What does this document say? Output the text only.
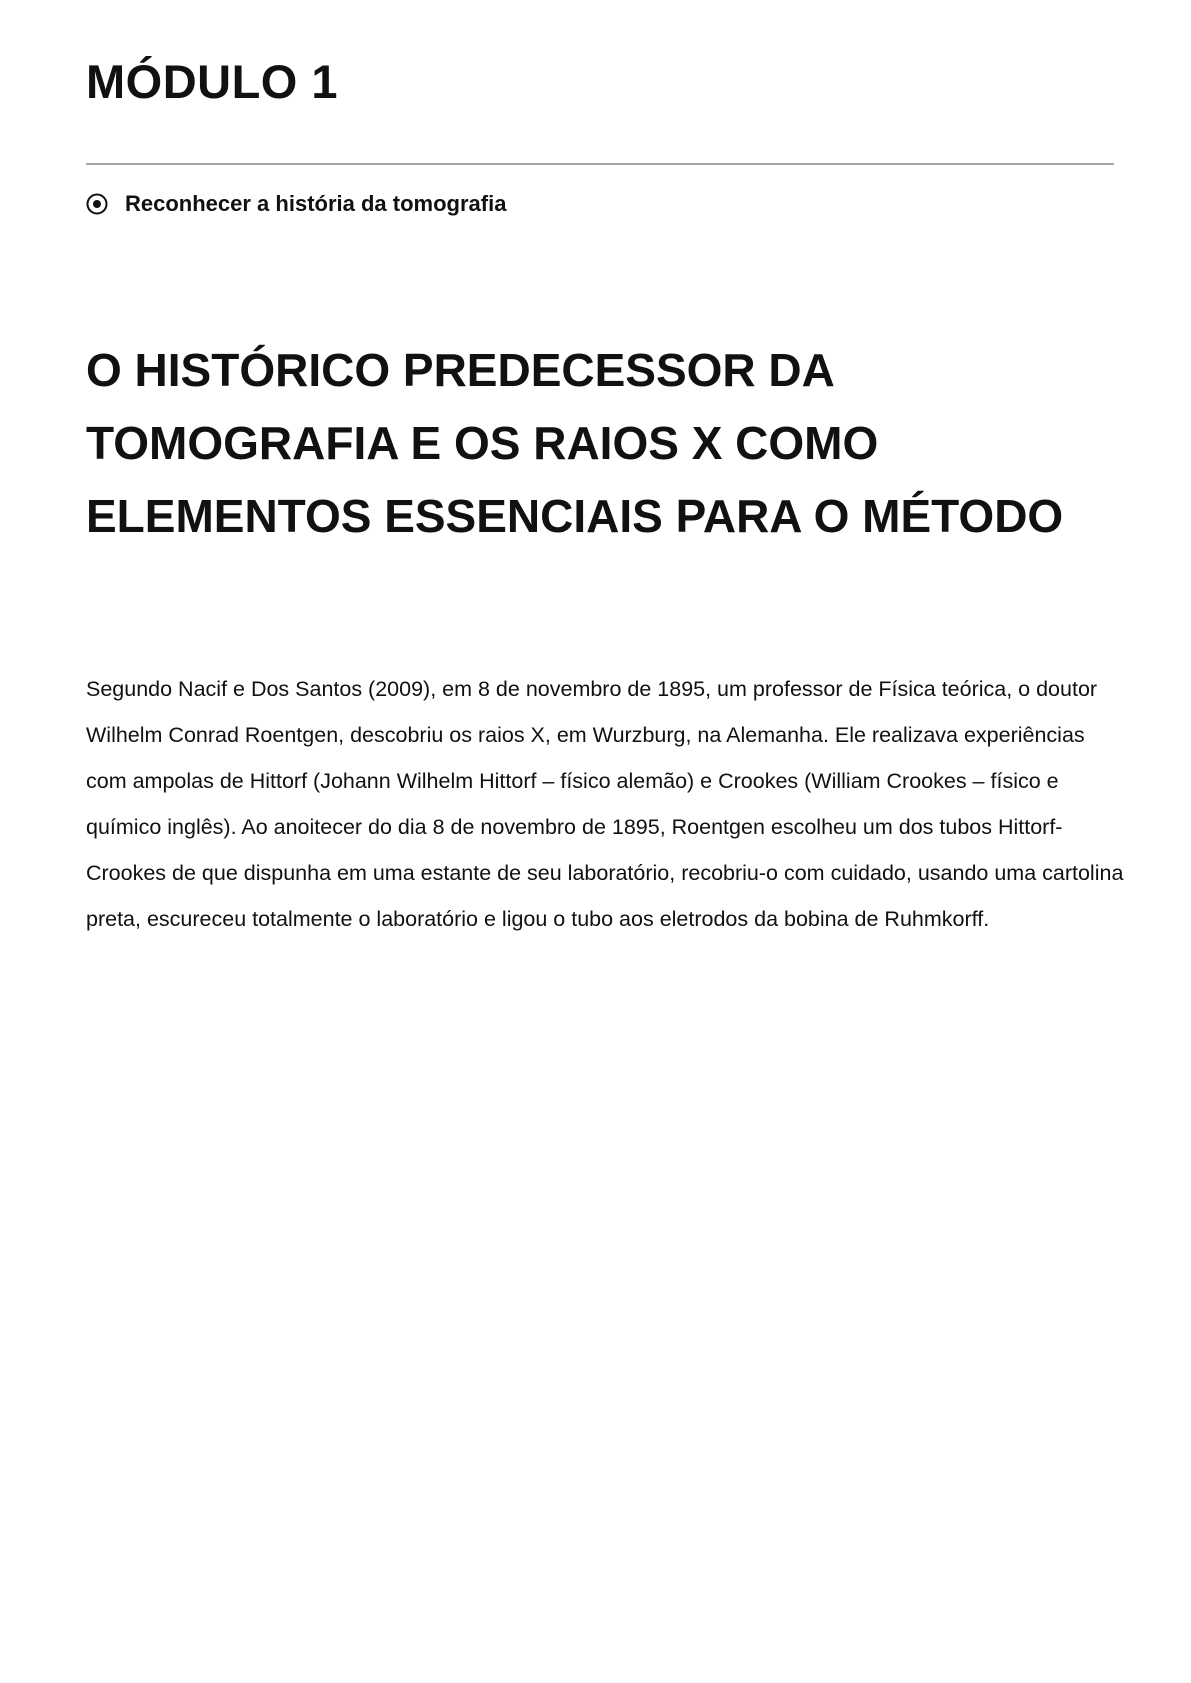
MÓDULO 1
Reconhecer a história da tomografia
O HISTÓRICO PREDECESSOR DA TOMOGRAFIA E OS RAIOS X COMO ELEMENTOS ESSENCIAIS PARA O MÉTODO

Segundo Nacif e Dos Santos (2009), em 8 de novembro de 1895, um professor de Física teórica, o doutor Wilhelm Conrad Roentgen, descobriu os raios X, em Wurzburg, na Alemanha. Ele realizava experiências com ampolas de Hittorf (Johann Wilhelm Hittorf – físico alemão) e Crookes (William Crookes – físico e químico inglês). Ao anoitecer do dia 8 de novembro de 1895, Roentgen escolheu um dos tubos Hittorf-Crookes de que dispunha em uma estante de seu laboratório, recobriu-o com cuidado, usando uma cartolina preta, escureceu totalmente o laboratório e ligou o tubo aos eletrodos da bobina de Ruhmkorff.
